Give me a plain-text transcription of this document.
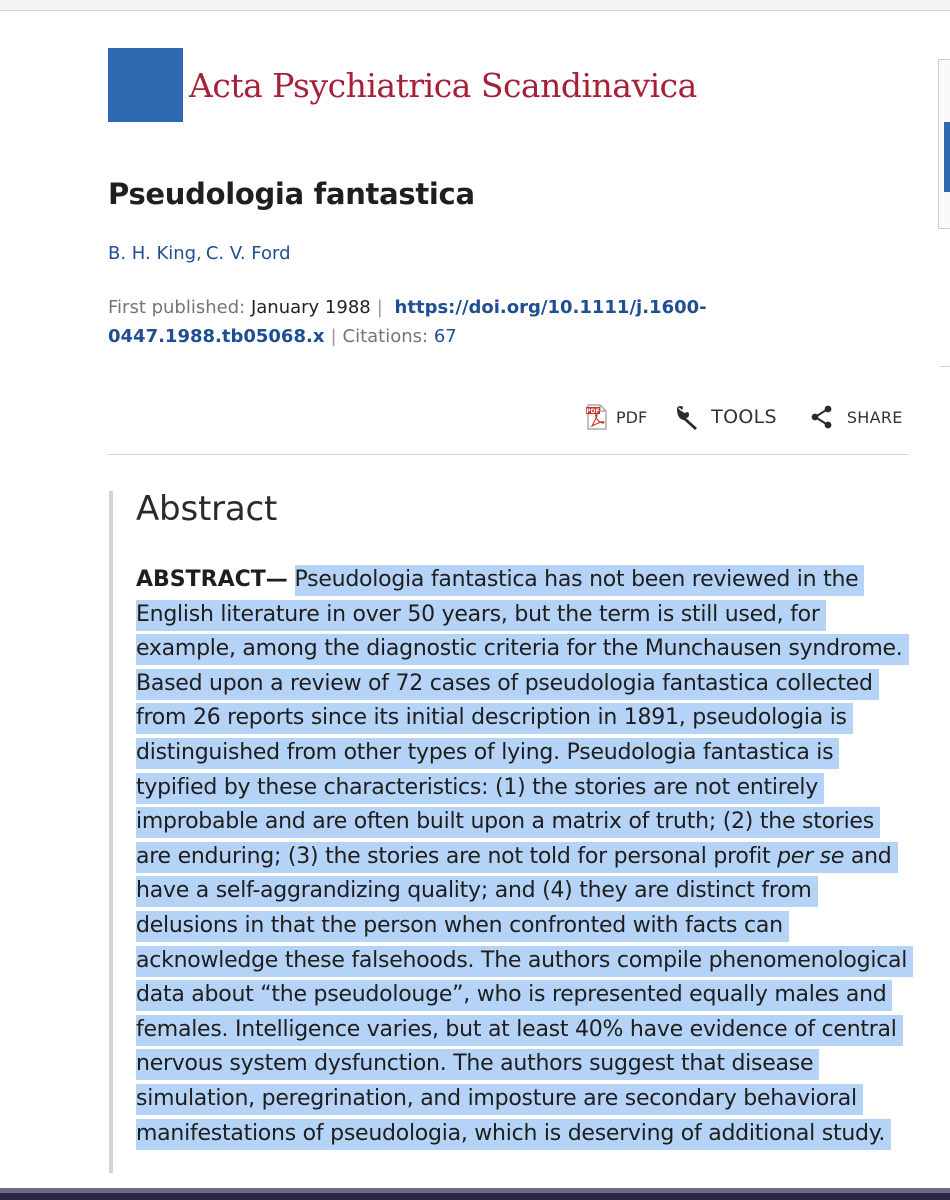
Acta Psychiatrica Scandinavica
Pseudologia fantastica
B. H. King, C. V. Ford
First published: January 1988 | https://doi.org/10.1111/j.1600-
0447.1988.tb05068.x | Citations: 67
PDF PDF	TOOLS	SHARE
Abstract
ABSTRACT— Pseudologia fantastica has not been reviewed in the
English literature in over 50 years, but the term is still used, for
example, among the diagnostic criteria for the Munchausen syndrome.
Based upon a review of 72 cases of pseudologia fantastica collected
from 26 reports since its initial description in 1891, pseudologia is
distinguished from other types of lying. Pseudologia fantastica is
typified by these characteristics: (1) the stories are not entirely
improbable and are often built upon a matrix of truth; (2) the stories
are enduring; (3) the stories are not told for personal profit per se and
have a self-aggrandizing quality; and (4) they are distinct from
delusions in that the person when confronted with facts can
acknowledge these falsehoods. The authors compile phenomenological
data about “the pseudolouge”, who is represented equally males and
females. Intelligence varies, but at least 40% have evidence of central
nervous system dysfunction. The authors suggest that disease
simulation, peregrination, and imposture are secondary behavioral
manifestations of pseudologia, which is deserving of additional study.
